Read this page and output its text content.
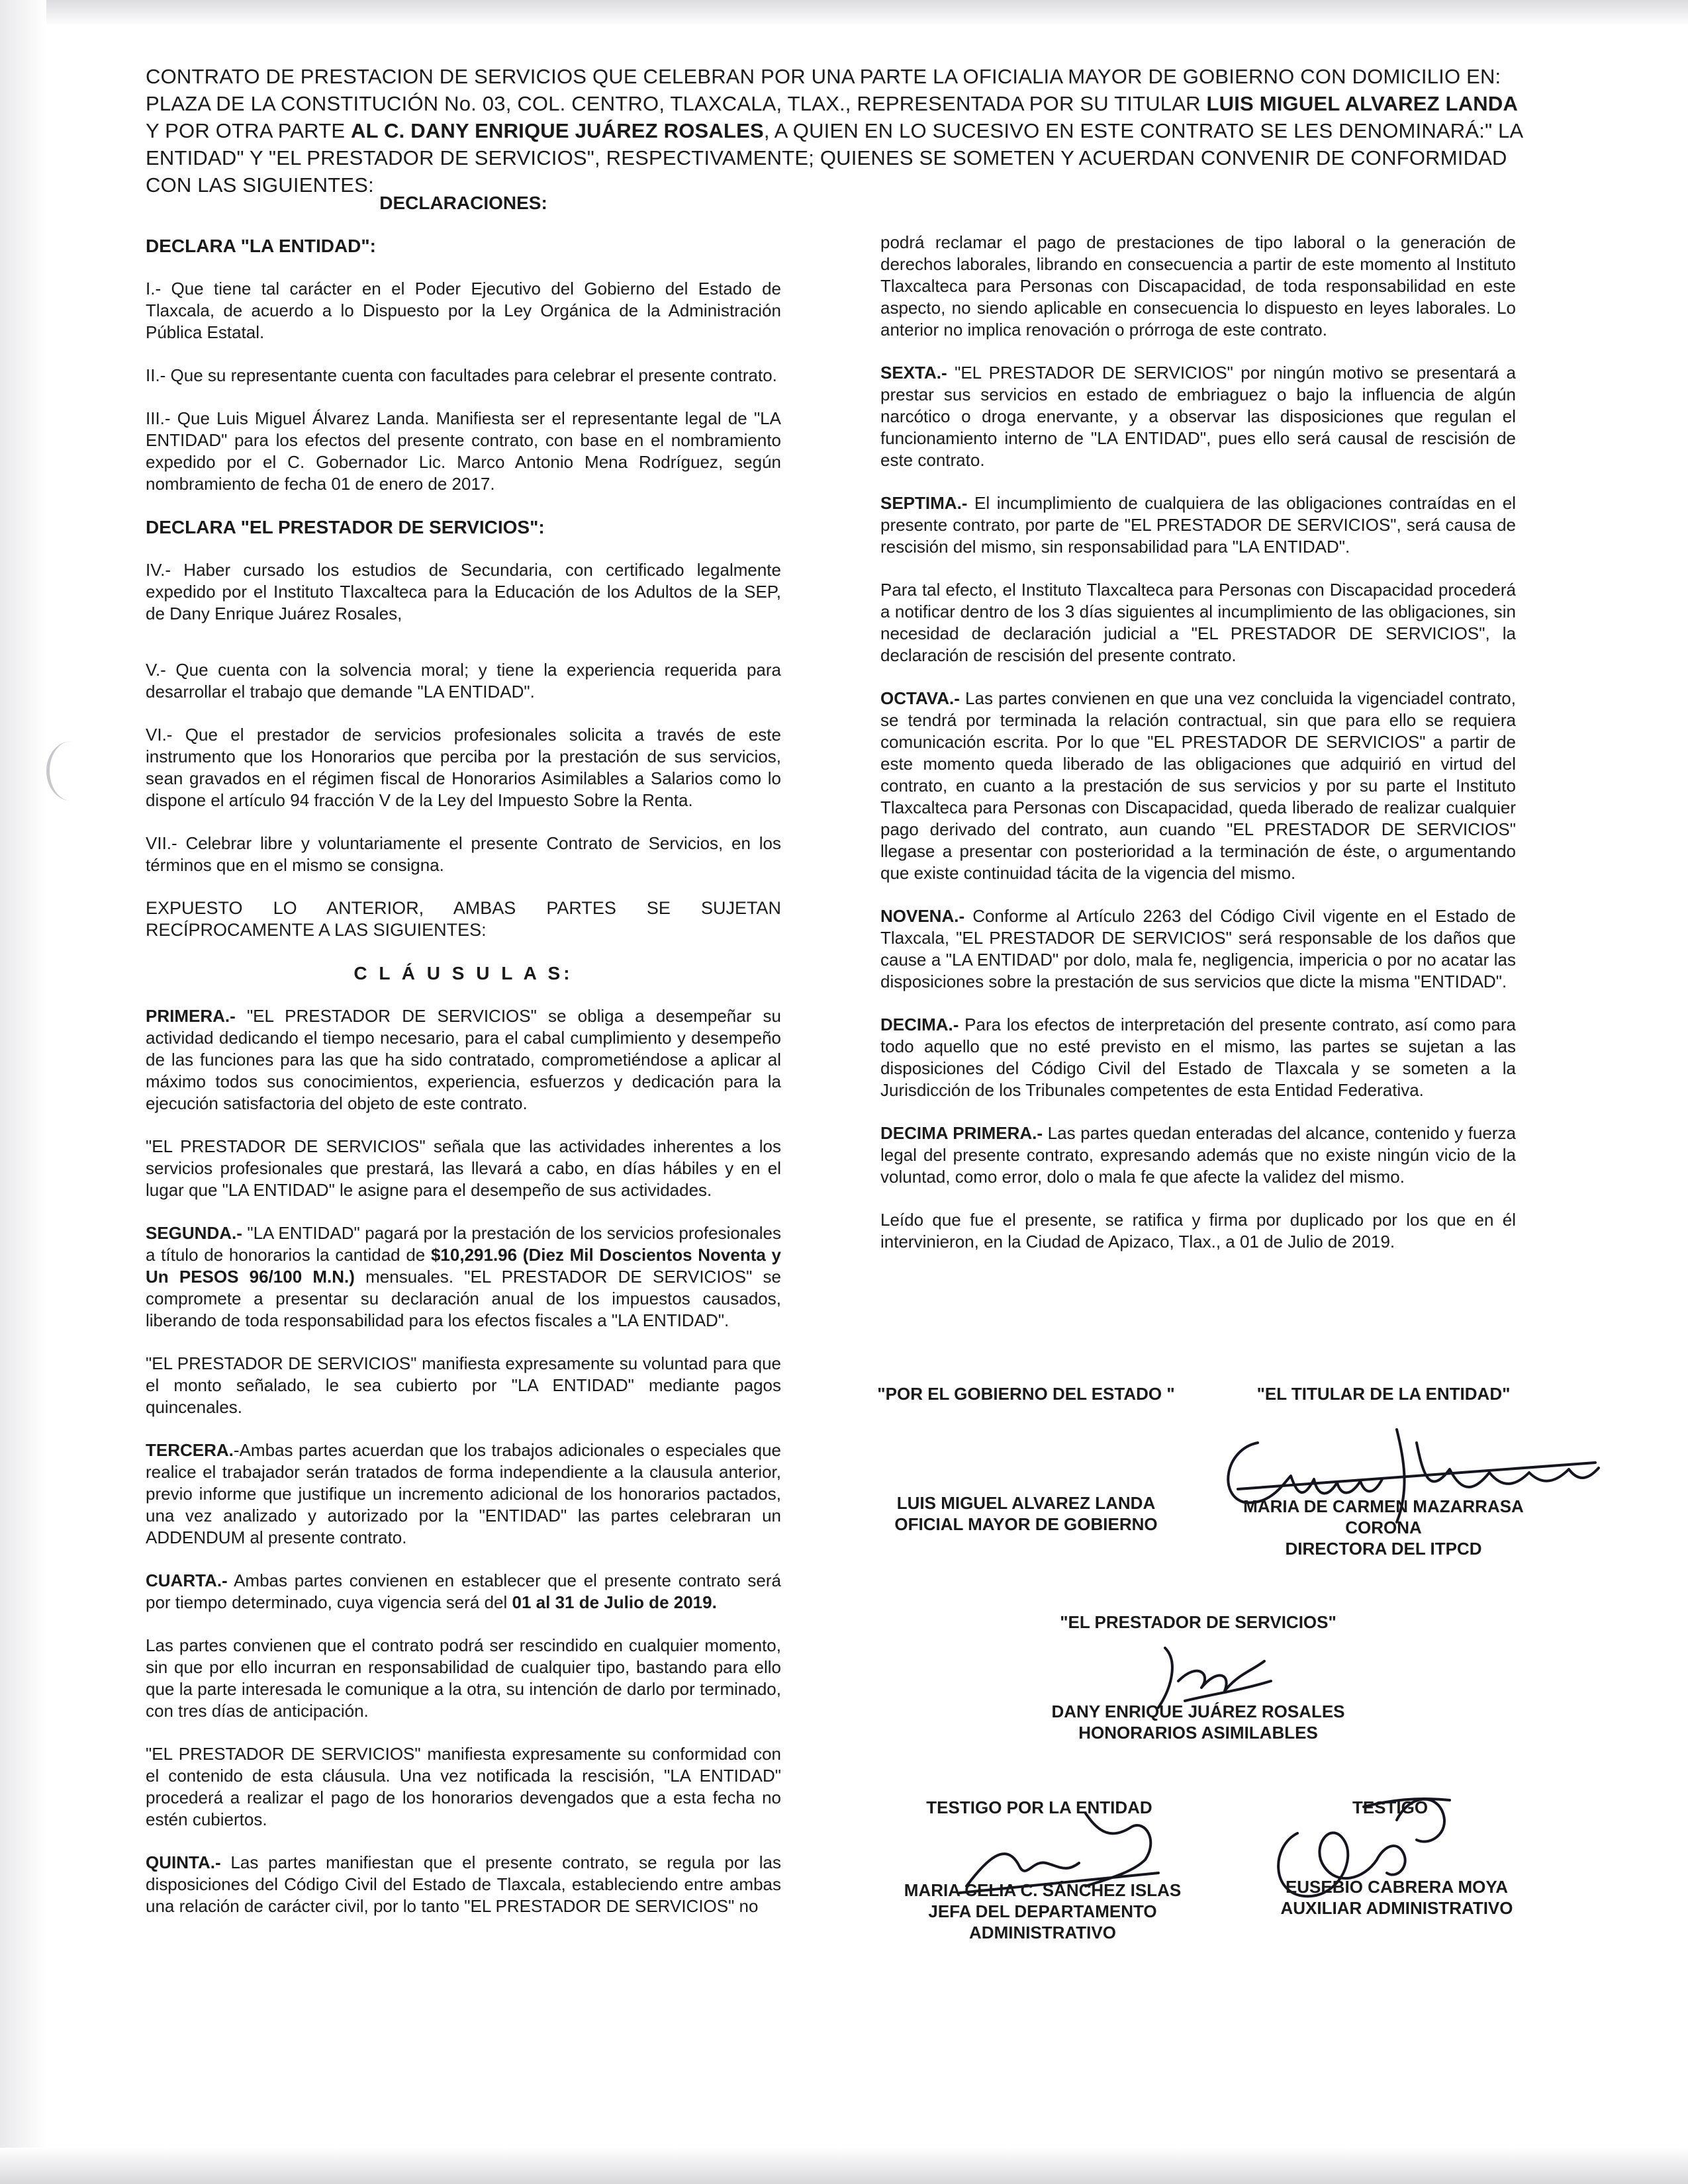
CONTRATO DE PRESTACION DE SERVICIOS QUE CELEBRAN POR UNA PARTE LA OFICIALIA MAYOR DE GOBIERNO CON DOMICILIO EN: PLAZA DE LA CONSTITUCIÓN No. 03, COL. CENTRO, TLAXCALA, TLAX., REPRESENTADA POR SU TITULAR LUIS MIGUEL ALVAREZ LANDA Y POR OTRA PARTE AL C. DANY ENRIQUE JUÁREZ ROSALES, A QUIEN EN LO SUCESIVO EN ESTE CONTRATO SE LES DENOMINARÁ:" LA ENTIDAD" Y "EL PRESTADOR DE SERVICIOS", RESPECTIVAMENTE; QUIENES SE SOMETEN Y ACUERDAN CONVENIR DE CONFORMIDAD CON LAS SIGUIENTES:

DECLARACIONES:

DECLARA "LA ENTIDAD":

I.- Que tiene tal carácter en el Poder Ejecutivo del Gobierno del Estado de Tlaxcala, de acuerdo a lo Dispuesto por la Ley Orgánica de la Administración Pública Estatal.

II.- Que su representante cuenta con facultades para celebrar el presente contrato.

III.- Que Luis Miguel Álvarez Landa. Manifiesta ser el representante legal de "LA ENTIDAD" para los efectos del presente contrato, con base en el nombramiento expedido por el C. Gobernador Lic. Marco Antonio Mena Rodríguez, según nombramiento de fecha 01 de enero de 2017.

DECLARA "EL PRESTADOR DE SERVICIOS":

IV.- Haber cursado los estudios de Secundaria, con certificado legalmente expedido por el Instituto Tlaxcalteca para la Educación de los Adultos de la SEP, de Dany Enrique Juárez Rosales,

V.- Que cuenta con la solvencia moral; y tiene la experiencia requerida para desarrollar el trabajo que demande "LA ENTIDAD".

VI.- Que el prestador de servicios profesionales solicita a través de este instrumento que los Honorarios que perciba por la prestación de sus servicios, sean gravados en el régimen fiscal de Honorarios Asimilables a Salarios como lo dispone el artículo 94 fracción V de la Ley del Impuesto Sobre la Renta.

VII.- Celebrar libre y voluntariamente el presente Contrato de Servicios, en los términos que en el mismo se consigna.

EXPUESTO LO ANTERIOR, AMBAS PARTES SE SUJETAN RECÍPROCAMENTE A LAS SIGUIENTES:

C L Á U S U L A S:

PRIMERA.- "EL PRESTADOR DE SERVICIOS" se obliga a desempeñar su actividad dedicando el tiempo necesario, para el cabal cumplimiento y desempeño de las funciones para las que ha sido contratado, comprometiéndose a aplicar al máximo todos sus conocimientos, experiencia, esfuerzos y dedicación para la ejecución satisfactoria del objeto de este contrato.

"EL PRESTADOR DE SERVICIOS" señala que las actividades inherentes a los servicios profesionales que prestará, las llevará a cabo, en días hábiles y en el lugar que "LA ENTIDAD" le asigne para el desempeño de sus actividades.

SEGUNDA.- "LA ENTIDAD" pagará por la prestación de los servicios profesionales a título de honorarios la cantidad de $10,291.96 (Diez Mil Doscientos Noventa y Un PESOS 96/100 M.N.) mensuales. "EL PRESTADOR DE SERVICIOS" se compromete a presentar su declaración anual de los impuestos causados, liberando de toda responsabilidad para los efectos fiscales a "LA ENTIDAD".

"EL PRESTADOR DE SERVICIOS" manifiesta expresamente su voluntad para que el monto señalado, le sea cubierto por "LA ENTIDAD" mediante pagos quincenales.

TERCERA.-Ambas partes acuerdan que los trabajos adicionales o especiales que realice el trabajador serán tratados de forma independiente a la clausula anterior, previo informe que justifique un incremento adicional de los honorarios pactados, una vez analizado y autorizado por la "ENTIDAD" las partes celebraran un ADDENDUM al presente contrato.

CUARTA.- Ambas partes convienen en establecer que el presente contrato será por tiempo determinado, cuya vigencia será del 01 al 31 de Julio de 2019.

Las partes convienen que el contrato podrá ser rescindido en cualquier momento, sin que por ello incurran en responsabilidad de cualquier tipo, bastando para ello que la parte interesada le comunique a la otra, su intención de darlo por terminado, con tres días de anticipación.

"EL PRESTADOR DE SERVICIOS" manifiesta expresamente su conformidad con el contenido de esta cláusula. Una vez notificada la rescisión, "LA ENTIDAD" procederá a realizar el pago de los honorarios devengados que a esta fecha no estén cubiertos.

QUINTA.- Las partes manifiestan que el presente contrato, se regula por las disposiciones del Código Civil del Estado de Tlaxcala, estableciendo entre ambas una relación de carácter civil, por lo tanto "EL PRESTADOR DE SERVICIOS" no

podrá reclamar el pago de prestaciones de tipo laboral o la generación de derechos laborales, librando en consecuencia a partir de este momento al Instituto Tlaxcalteca para Personas con Discapacidad, de toda responsabilidad en este aspecto, no siendo aplicable en consecuencia lo dispuesto en leyes laborales. Lo anterior no implica renovación o prórroga de este contrato.

SEXTA.- "EL PRESTADOR DE SERVICIOS" por ningún motivo se presentará a prestar sus servicios en estado de embriaguez o bajo la influencia de algún narcótico o droga enervante, y a observar las disposiciones que regulan el funcionamiento interno de "LA ENTIDAD", pues ello será causal de rescisión de este contrato.

SEPTIMA.- El incumplimiento de cualquiera de las obligaciones contraídas en el presente contrato, por parte de "EL PRESTADOR DE SERVICIOS", será causa de rescisión del mismo, sin responsabilidad para "LA ENTIDAD".

Para tal efecto, el Instituto Tlaxcalteca para Personas con Discapacidad procederá a notificar dentro de los 3 días siguientes al incumplimiento de las obligaciones, sin necesidad de declaración judicial a "EL PRESTADOR DE SERVICIOS", la declaración de rescisión del presente contrato.

OCTAVA.- Las partes convienen en que una vez concluida la vigenciadel contrato, se tendrá por terminada la relación contractual, sin que para ello se requiera comunicación escrita. Por lo que "EL PRESTADOR DE SERVICIOS" a partir de este momento queda liberado de las obligaciones que adquirió en virtud del contrato, en cuanto a la prestación de sus servicios y por su parte el Instituto Tlaxcalteca para Personas con Discapacidad, queda liberado de realizar cualquier pago derivado del contrato, aun cuando "EL PRESTADOR DE SERVICIOS" llegase a presentar con posterioridad a la terminación de éste, o argumentando que existe continuidad tácita de la vigencia del mismo.

NOVENA.- Conforme al Artículo 2263 del Código Civil vigente en el Estado de Tlaxcala, "EL PRESTADOR DE SERVICIOS" será responsable de los daños que cause a "LA ENTIDAD" por dolo, mala fe, negligencia, impericia o por no acatar las disposiciones sobre la prestación de sus servicios que dicte la misma "ENTIDAD".

DECIMA.- Para los efectos de interpretación del presente contrato, así como para todo aquello que no esté previsto en el mismo, las partes se sujetan a las disposiciones del Código Civil del Estado de Tlaxcala y se someten a la Jurisdicción de los Tribunales competentes de esta Entidad Federativa.

DECIMA PRIMERA.- Las partes quedan enteradas del alcance, contenido y fuerza legal del presente contrato, expresando además que no existe ningún vicio de la voluntad, como error, dolo o mala fe que afecte la validez del mismo.

Leído que fue el presente, se ratifica y firma por duplicado por los que en él intervinieron, en la Ciudad de Apizaco, Tlax., a 01 de Julio de 2019.

"POR EL GOBIERNO DEL ESTADO "	"EL TITULAR DE LA ENTIDAD"
LUIS MIGUEL ALVAREZ LANDA
OFICIAL MAYOR DE GOBIERNO
MARIA DE CARMEN MAZARRASA
CORONA
DIRECTORA DEL ITPCD
"EL PRESTADOR DE SERVICIOS"
DANY ENRIQUE JUÁREZ ROSALES
HONORARIOS ASIMILABLES
TESTIGO POR LA ENTIDAD	TESTIGO
MARIA CELIA C. SÁNCHEZ ISLAS
JEFA DEL DEPARTAMENTO
ADMINISTRATIVO
EUSEBIO CABRERA MOYA
AUXILIAR ADMINISTRATIVO
